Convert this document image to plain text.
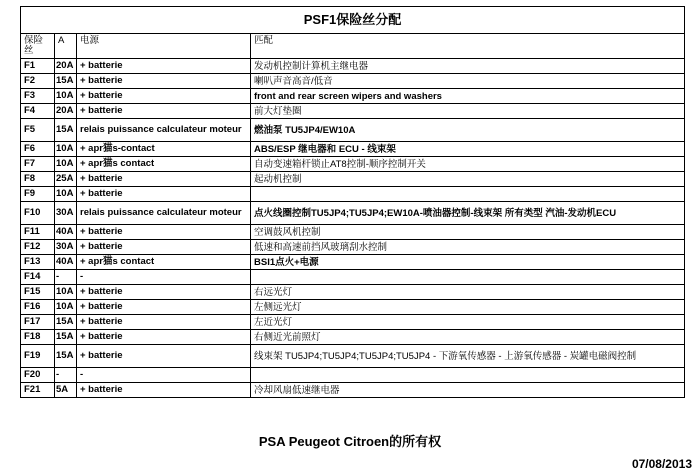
PSF1保险丝分配			
保险丝	A	电源	匹配
F1	20A	+ batterie	发动机控制计算机主继电器
F2	15A	+ batterie	喇叭声音高音/低音
F3	10A	+ batterie	front and rear screen wipers and washers
F4	20A	+ batterie	前大灯垫圈
F5	15A	relais puissance calculateur moteur	燃油泵 TU5JP4/EW10A
F6	10A	+ apr猫s-contact	ABS/ESP 继电器和 ECU - 线束架
F7	10A	+ apr猫s contact	自动变速箱杆锁止AT8控制-顺序控制开关
F8	25A	+ batterie	起动机控制
F9	10A	+ batterie	
F10	30A	relais puissance calculateur moteur	点火线圈控制TU5JP4;TU5JP4;EW10A-喷油器控制-线束架 所有类型 汽油-发动机ECU
F11	40A	+ batterie	空调鼓风机控制
F12	30A	+ batterie	低速和高速前挡风玻璃刮水控制
F13	40A	+ apr猫s contact	BSI1点火+电源
F14	-	-	
F15	10A	+ batterie	右远光灯
F16	10A	+ batterie	左侧远光灯
F17	15A	+ batterie	左近光灯
F18	15A	+ batterie	右侧近光前照灯
F19	15A	+ batterie	线束架 TU5JP4;TU5JP4;TU5JP4;TU5JP4 - 下游氧传感器 - 上游氧传感器 - 炭罐电磁阀控制
F20	-	-	
F21	5A	+ batterie	冷却风扇低速继电器
PSA Peugeot Citroen的所有权
07/08/2013
